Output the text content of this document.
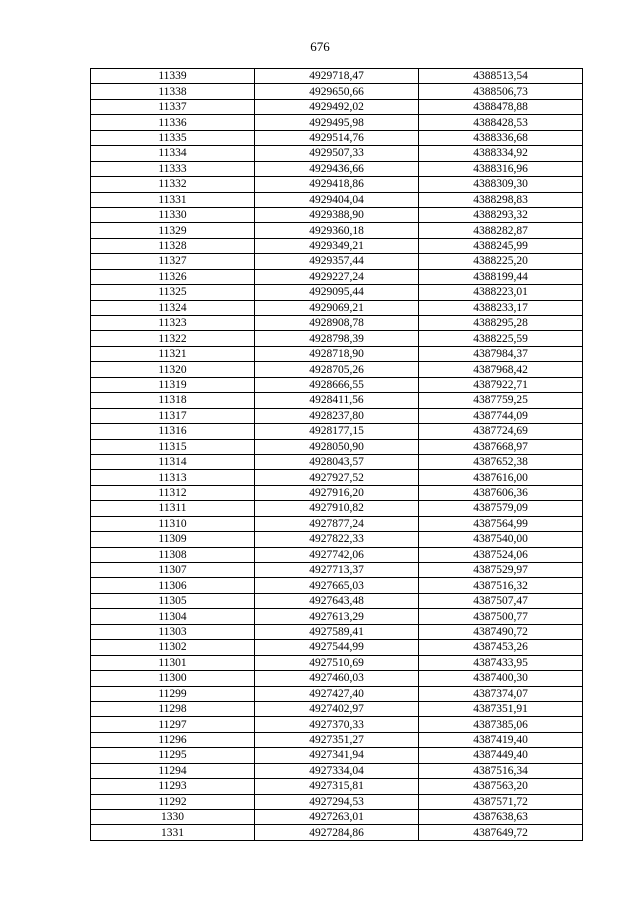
676
11339	4929718,47	4388513,54
11338	4929650,66	4388506,73
11337	4929492,02	4388478,88
11336	4929495,98	4388428,53
11335	4929514,76	4388336,68
11334	4929507,33	4388334,92
11333	4929436,66	4388316,96
11332	4929418,86	4388309,30
11331	4929404,04	4388298,83
11330	4929388,90	4388293,32
11329	4929360,18	4388282,87
11328	4929349,21	4388245,99
11327	4929357,44	4388225,20
11326	4929227,24	4388199,44
11325	4929095,44	4388223,01
11324	4929069,21	4388233,17
11323	4928908,78	4388295,28
11322	4928798,39	4388225,59
11321	4928718,90	4387984,37
11320	4928705,26	4387968,42
11319	4928666,55	4387922,71
11318	4928411,56	4387759,25
11317	4928237,80	4387744,09
11316	4928177,15	4387724,69
11315	4928050,90	4387668,97
11314	4928043,57	4387652,38
11313	4927927,52	4387616,00
11312	4927916,20	4387606,36
11311	4927910,82	4387579,09
11310	4927877,24	4387564,99
11309	4927822,33	4387540,00
11308	4927742,06	4387524,06
11307	4927713,37	4387529,97
11306	4927665,03	4387516,32
11305	4927643,48	4387507,47
11304	4927613,29	4387500,77
11303	4927589,41	4387490,72
11302	4927544,99	4387453,26
11301	4927510,69	4387433,95
11300	4927460,03	4387400,30
11299	4927427,40	4387374,07
11298	4927402,97	4387351,91
11297	4927370,33	4387385,06
11296	4927351,27	4387419,40
11295	4927341,94	4387449,40
11294	4927334,04	4387516,34
11293	4927315,81	4387563,20
11292	4927294,53	4387571,72
1330	4927263,01	4387638,63
1331	4927284,86	4387649,72
